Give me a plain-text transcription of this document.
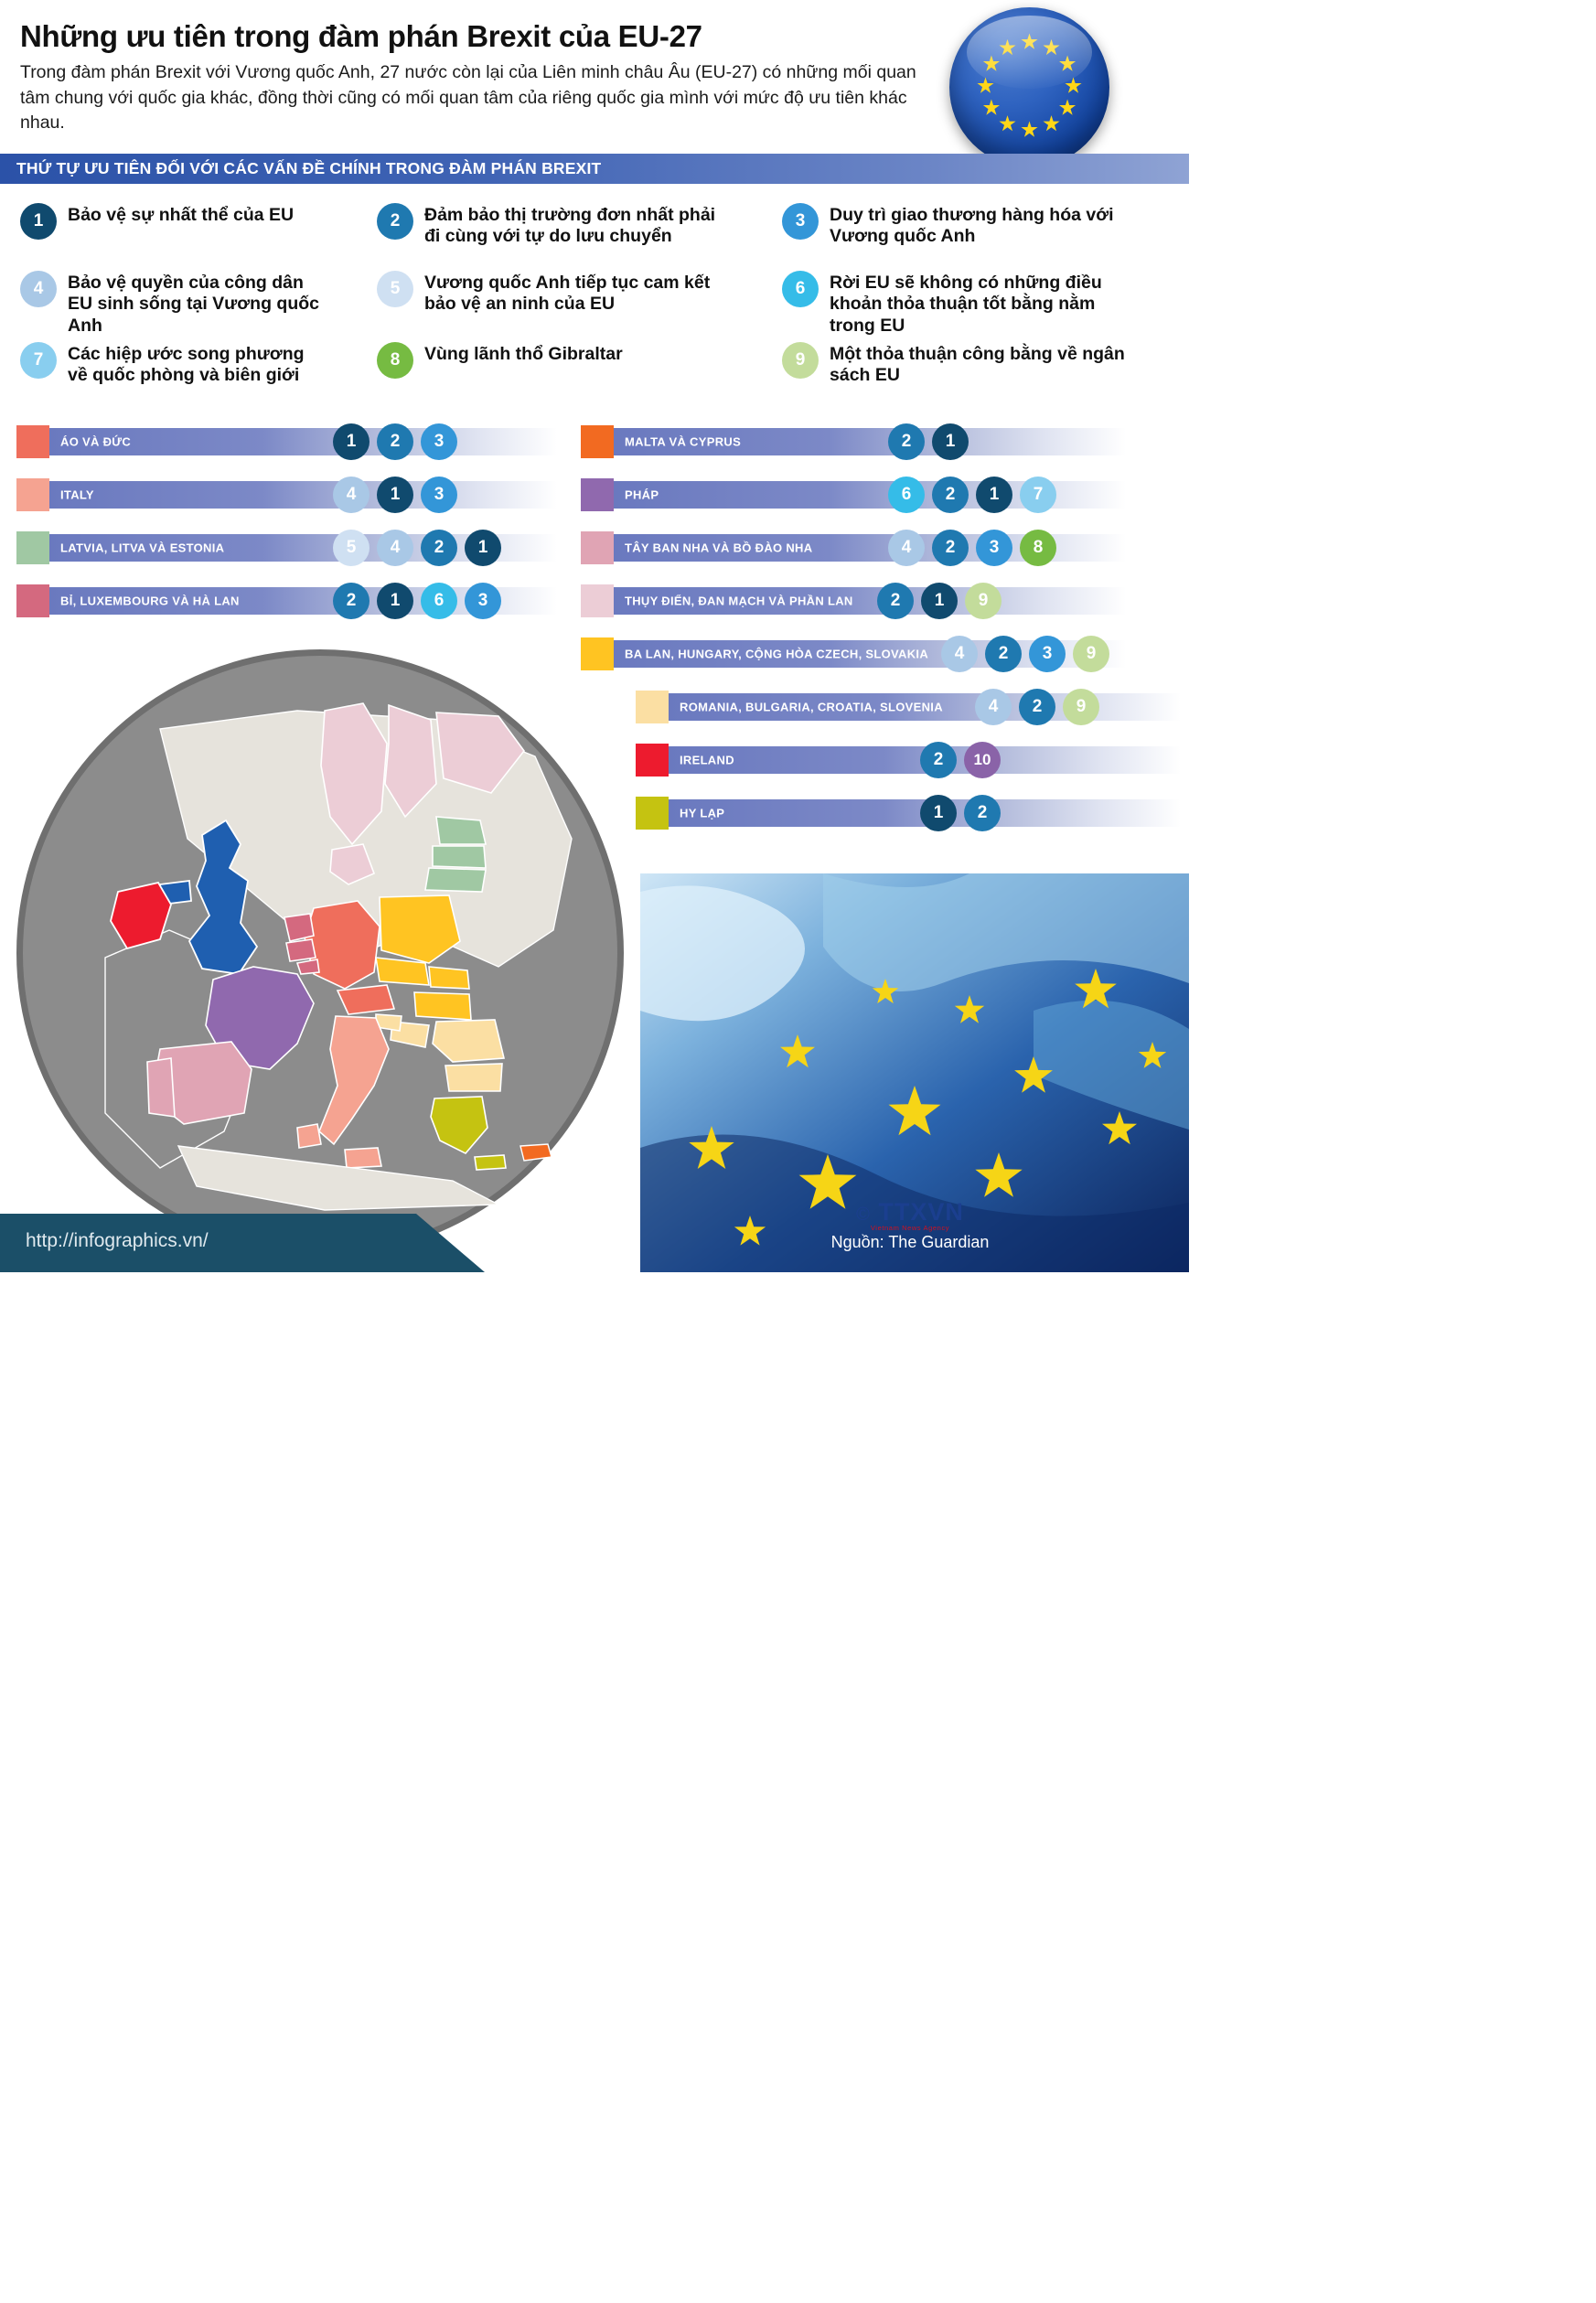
Những ưu tiên trong đàm phán Brexit của EU-27
Trong đàm phán Brexit với Vương quốc Anh, 27 nước còn lại của Liên minh châu Âu (EU-27) có những mối quan tâm chung với quốc gia khác, đồng thời cũng có mối quan tâm của riêng quốc gia mình với mức độ ưu tiên khác nhau.
THỨ TỰ ƯU TIÊN ĐỐI VỚI CÁC VẤN ĐỀ CHÍNH TRONG ĐÀM PHÁN BREXIT
1	Bảo vệ sự nhất thể của EU	2	Đảm bảo thị trường đơn nhất phải đi cùng với tự do lưu chuyển
3	Duy trì giao thương hàng hóa với Vương quốc Anh
4	Bảo vệ quyền của công dân EU sinh sống tại Vương quốc Anh
5	Vương quốc Anh tiếp tục cam kết bảo vệ an ninh của EU
6	Rời EU sẽ không có những điều khoản thỏa thuận tốt bằng nằm trong EU
7	Các hiệp ước song phương về quốc phòng và biên giới
8	Vùng lãnh thổ Gibraltar	9	Một thỏa thuận công bằng về ngân sách EU
ÁO VÀ ĐỨC	1	2	3
ITALY	4	1	3
LATVIA, LITVA VÀ ESTONIA	5	4	2	1
BỈ, LUXEMBOURG VÀ HÀ LAN	2	1	6	3
MALTA VÀ CYPRUS	2	1
PHÁP	6	2	1	7
TÂY BAN NHA VÀ BỒ ĐÀO NHA	4	2	3	8
THỤY ĐIỂN, ĐAN MẠCH VÀ PHẦN LAN	2	1	9
BA LAN, HUNGARY, CỘNG HÒA CZECH, SLOVAKIA	4	2	3	9
ROMANIA, BULGARIA, CROATIA, SLOVENIA	4	2	9
IRELAND	2	10
HY LẠP	1	2
10
Không quay lại áp dụng
biên giới cứng giữa
Cộng hòa Ireland và Bắc Ireland
http://infographics.vn/
© TTXVN
Vietnam News Agency
Nguồn: The Guardian
